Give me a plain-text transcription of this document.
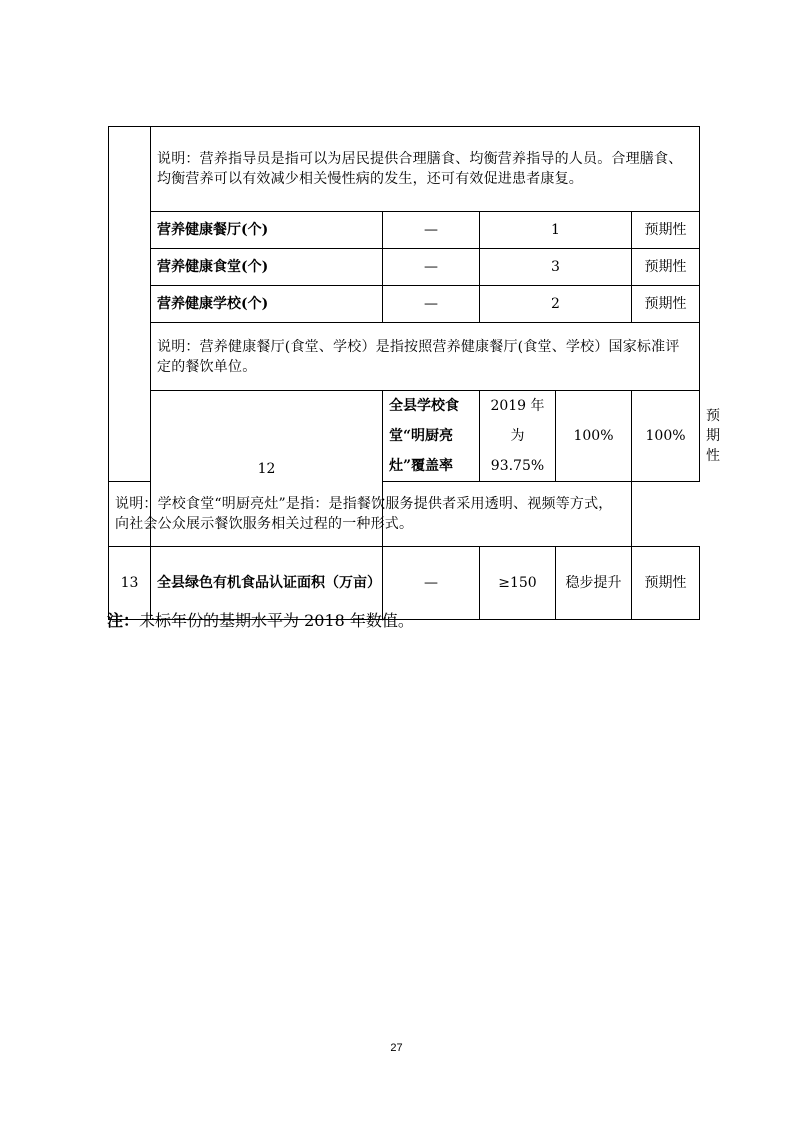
	说明：营养指导员是指可以为居民提供合理膳食、均衡营养指导的人员。合理膳食、均衡营养可以有效减少相关慢性病的发生，还可有效促进患者康复。					
	营养健康餐厅(个)	—	1		预期性	
	营养健康食堂(个)	—	3		预期性	
	营养健康学校(个)	—	2		预期性	
	说明：营养健康餐厅(食堂、学校）是指按照营养健康餐厅(食堂、学校）国家标准评定的餐饮单位。					
	12	全县学校食堂“明厨亮灶”覆盖率	2019 年为 93.75%	100%	100%	预期性
说明：学校食堂“明厨亮灶”是指：是指餐饮服务提供者采用透明、视频等方式，向社会公众展示餐饮服务相关过程的一种形式。						
13	全县绿色有机食品认证面积（万亩）	—	≥150	稳步提升	预期性	
注：未标年份的基期水平为 2018 年数值。
27
